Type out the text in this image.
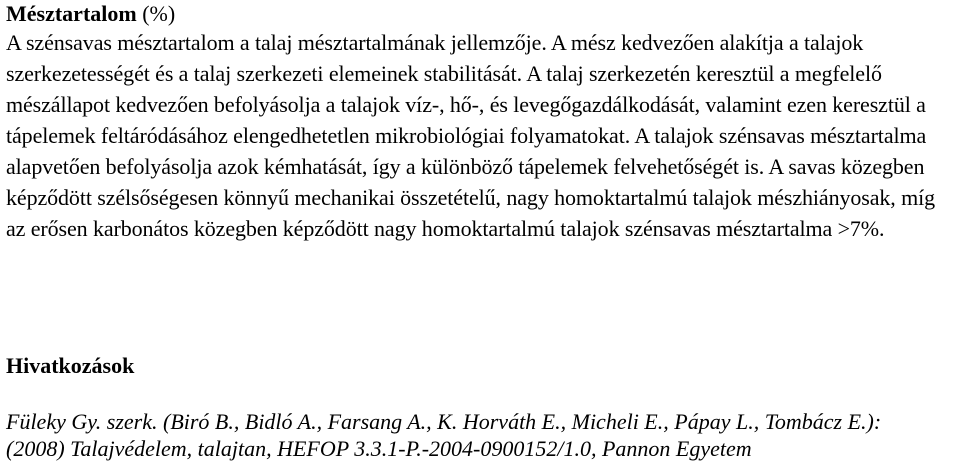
Mésztartalom (%)

A szénsavas mésztartalom a talaj mésztartalmának jellemzője. A mész kedvezően alakítja a talajok szerkezetességét és a talaj szerkezeti elemeinek stabilitását. A talaj szerkezetén keresztül a megfelelő mészállapot kedvezően befolyásolja a talajok víz-, hő-, és levegőgazdálkodását, valamint ezen keresztül a tápelemek feltáródásához elengedhetetlen mikrobiológiai folyamatokat. A talajok szénsavas mésztartalma alapvetően befolyásolja azok kémhatását, így a különböző tápelemek felvehetőségét is. A savas közegben képződött szélsőségesen könnyű mechanikai összetételű, nagy homoktartalmú talajok mészhiányosak, míg az erősen karbonátos közegben képződött nagy homoktartalmú talajok szénsavas mésztartalma >7%.

Hivatkozások

Füleky Gy. szerk. (Biró B., Bidló A., Farsang A., K. Horváth E., Micheli E., Pápay L., Tombácz E.):

(2008) Talajvédelem, talajtan, HEFOP 3.3.1-P.-2004-0900152/1.0, Pannon Egyetem
